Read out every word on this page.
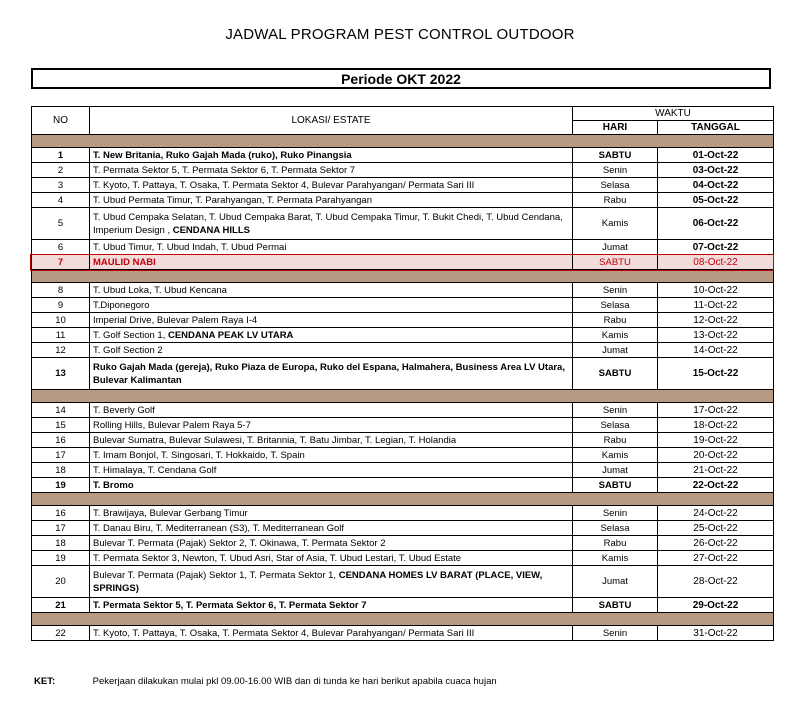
JADWAL PROGRAM PEST CONTROL OUTDOOR
Periode OKT 2022
NO	LOKASI/ ESTATE	WAKTU	
		HARI	TANGGAL

1	T. New Britania, Ruko Gajah Mada (ruko), Ruko Pinangsia	SABTU	01-Oct-22
2	T. Permata Sektor 5, T. Permata Sektor 6, T. Permata Sektor 7	Senin	03-Oct-22
3	T. Kyoto, T. Pattaya, T. Osaka, T. Permata Sektor 4, Bulevar Parahyangan/ Permata Sari III	Selasa	04-Oct-22
4	T. Ubud Permata Timur, T. Parahyangan, T. Permata Parahyangan	Rabu	05-Oct-22
5	T. Ubud Cempaka Selatan, T. Ubud Cempaka Barat, T. Ubud Cempaka Timur, T. Bukit Chedi, T. Ubud Cendana, Imperium Design , CENDANA HILLS	Kamis	06-Oct-22
6	T. Ubud Timur, T. Ubud Indah, T. Ubud Permai	Jumat	07-Oct-22
7	MAULID NABI	SABTU	08-Oct-22

8	T. Ubud Loka, T. Ubud Kencana	Senin	10-Oct-22
9	T.Diponegoro	Selasa	11-Oct-22
10	Imperial Drive, Bulevar Palem Raya I-4	Rabu	12-Oct-22
11	T. Golf Section 1, CENDANA PEAK LV UTARA	Kamis	13-Oct-22
12	T. Golf Section 2	Jumat	14-Oct-22
13	Ruko Gajah Mada (gereja), Ruko Piaza de Europa, Ruko del Espana, Halmahera, Business Area LV Utara, Bulevar Kalimantan	SABTU	15-Oct-22

14	T. Beverly Golf	Senin	17-Oct-22
15	Rolling Hills, Bulevar Palem Raya 5-7	Selasa	18-Oct-22
16	Bulevar Sumatra, Bulevar Sulawesi, T. Britannia, T. Batu Jimbar, T. Legian, T. Holandia	Rabu	19-Oct-22
17	T. Imam Bonjol, T. Singosari, T. Hokkaido, T. Spain	Kamis	20-Oct-22
18	T. Himalaya, T. Cendana Golf	Jumat	21-Oct-22
19	T. Bromo	SABTU	22-Oct-22

16	T. Brawijaya, Bulevar Gerbang Timur	Senin	24-Oct-22
17	T. Danau Biru, T. Mediterranean (S3), T. Mediterranean Golf	Selasa	25-Oct-22
18	Bulevar T. Permata (Pajak) Sektor 2, T. Okinawa, T. Permata Sektor 2	Rabu	26-Oct-22
19	T. Permata Sektor 3, Newton, T. Ubud Asri, Star of Asia, T. Ubud Lestari, T. Ubud Estate	Kamis	27-Oct-22
20	Bulevar T. Permata (Pajak) Sektor 1, T. Permata Sektor 1, CENDANA HOMES LV BARAT (PLACE, VIEW, SPRINGS)	Jumat	28-Oct-22
21	T. Permata Sektor 5, T. Permata Sektor 6, T. Permata Sektor 7	SABTU	29-Oct-22

22	T. Kyoto, T. Pattaya, T. Osaka, T. Permata Sektor 4, Bulevar Parahyangan/ Permata Sari III	Senin	31-Oct-22
KET:	Pekerjaan dilakukan mulai pkl 09.00-16.00 WIB dan di tunda ke hari berikut apabila cuaca hujan
